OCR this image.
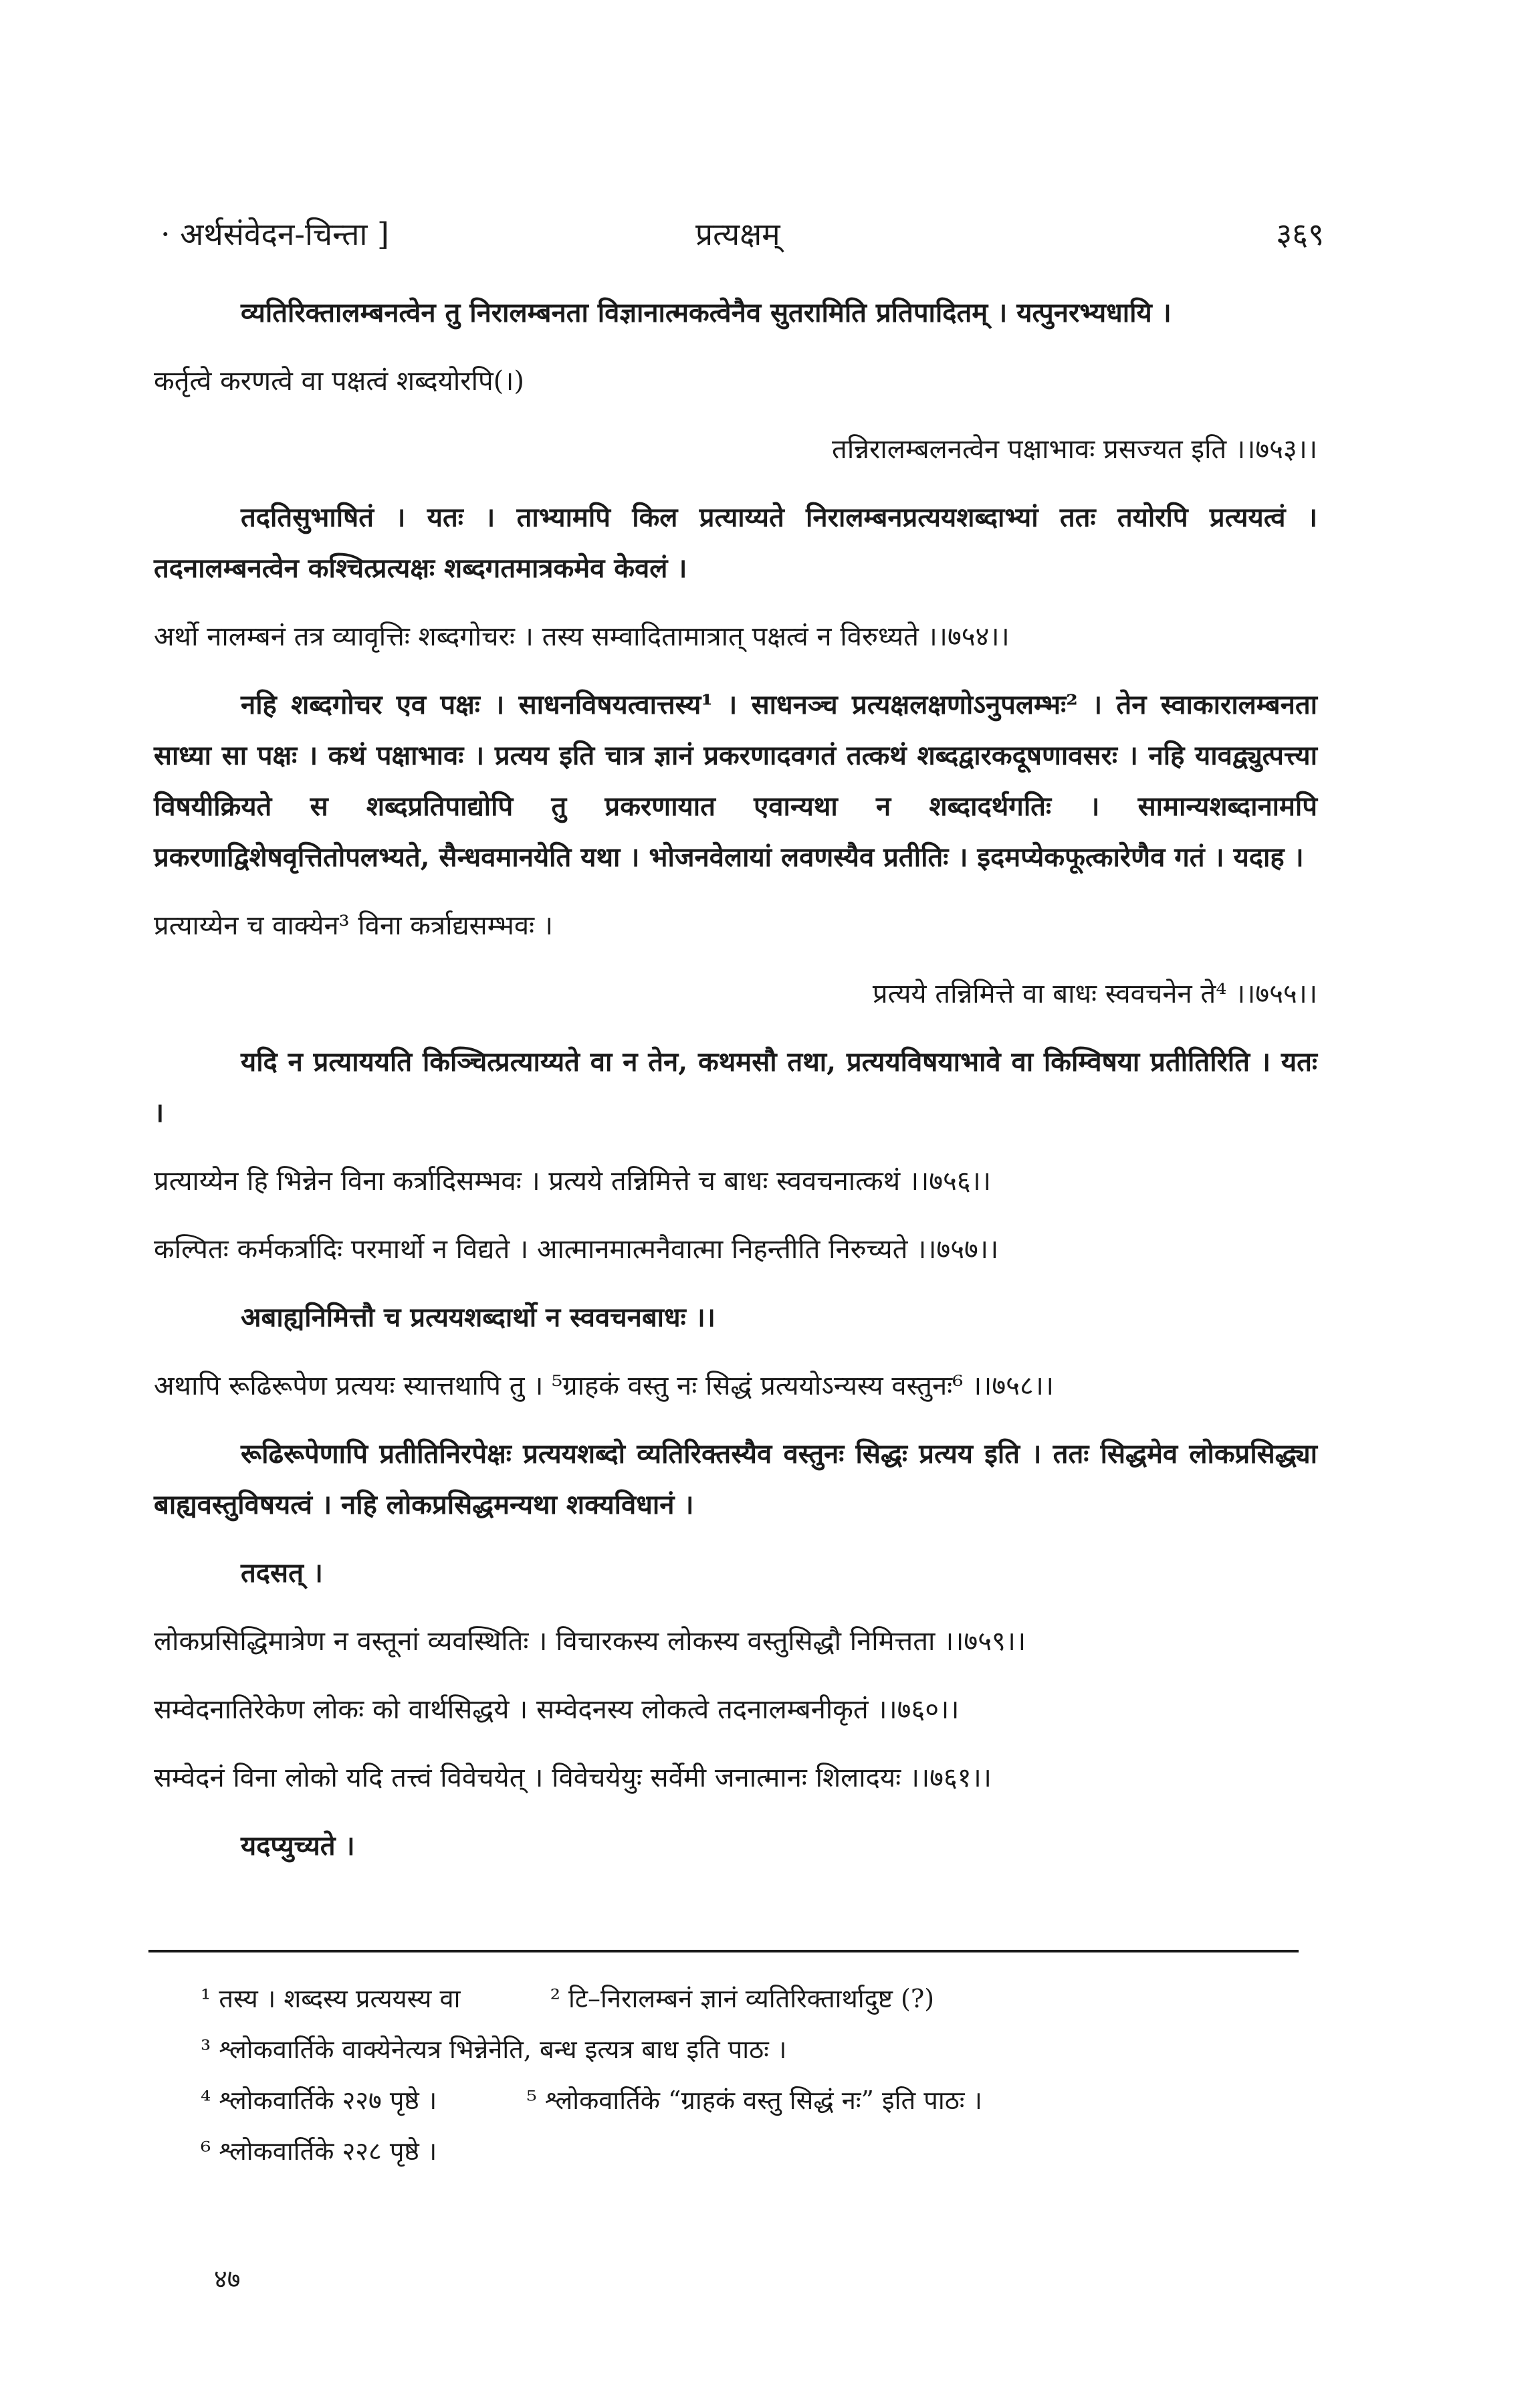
· अर्थसंवेदन-चिन्ता ]	प्रत्यक्षम्	३६९

व्यतिरिक्तालम्बनत्वेन तु निरालम्बनता विज्ञानात्मकत्वेनैव सुतरामिति प्रतिपादितम् । यत्पुनरभ्यधायि ।

कर्तृत्वे करणत्वे वा पक्षत्वं शब्दयोरपि(।)

तन्निरालम्बलनत्वेन पक्षाभावः प्रसज्यत इति ।।७५३।।

तदतिसुभाषितं । यतः । ताभ्यामपि किल प्रत्याय्यते निरालम्बनप्रत्ययशब्दाभ्यां ततः तयोरपि प्रत्ययत्वं । तदनालम्बनत्वेन कश्चित्प्रत्यक्षः शब्दगतमात्रकमेव केवलं ।

अर्थो नालम्बनं तत्र व्यावृत्तिः शब्दगोचरः । तस्य सम्वादितामात्रात् पक्षत्वं न विरुध्यते ।।७५४।।

नहि शब्दगोचर एव पक्षः । साधनविषयत्वात्तस्य¹ । साधनञ्च प्रत्यक्षलक्षणोऽनुपलम्भः² । तेन स्वाकारालम्बनता साध्या सा पक्षः । कथं पक्षाभावः । प्रत्यय इति चात्र ज्ञानं प्रकरणादवगतं तत्कथं शब्दद्वारकदूषणावसरः । नहि यावद्व्युत्पत्त्या विषयीक्रियते स शब्दप्रतिपाद्योपि तु प्रकरणायात एवान्यथा न शब्दादर्थगतिः । सामान्यशब्दानामपि प्रकरणाद्विशेषवृत्तितोपलभ्यते, सैन्धवमानयेति यथा । भोजनवेलायां लवणस्यैव प्रतीतिः । इदमप्येकफूत्कारेणैव गतं । यदाह ।

प्रत्याय्येन च वाक्येन³ विना कर्त्राद्यसम्भवः ।

प्रत्यये तन्निमित्ते वा बाधः स्ववचनेन ते⁴ ।।७५५।।

यदि न प्रत्याययति किञ्चित्प्रत्याय्यते वा न तेन, कथमसौ तथा, प्रत्ययविषयाभावे वा किम्विषया प्रतीतिरिति । यतः ।

प्रत्याय्येन हि भिन्नेन विना कर्त्रादिसम्भवः । प्रत्यये तन्निमित्ते च बाधः स्ववचनात्कथं ।।७५६।।

कल्पितः कर्मकर्त्रादिः परमार्थो न विद्यते । आत्मानमात्मनैवात्मा निहन्तीति निरुच्यते ।।७५७।।

अबाह्यनिमित्तौ च प्रत्ययशब्दार्थो न स्ववचनबाधः ।।

अथापि रूढिरूपेण प्रत्ययः स्यात्तथापि तु । ⁵ग्राहकं वस्तु नः सिद्धं प्रत्ययोऽन्यस्य वस्तुनः⁶ ।।७५८।।

रूढिरूपेणापि प्रतीतिनिरपेक्षः प्रत्ययशब्दो व्यतिरिक्तस्यैव वस्तुनः सिद्धः प्रत्यय इति । ततः सिद्धमेव लोकप्रसिद्ध्या बाह्यवस्तुविषयत्वं । नहि लोकप्रसिद्धमन्यथा शक्यविधानं ।

तदसत् ।

लोकप्रसिद्धिमात्रेण न वस्तूनां व्यवस्थितिः । विचारकस्य लोकस्य वस्तुसिद्धौ निमित्तता ।।७५९।।

सम्वेदनातिरेकेण लोकः को वार्थसिद्धये । सम्वेदनस्य लोकत्वे तदनालम्बनीकृतं ।।७६०।।

सम्वेदनं विना लोको यदि तत्त्वं विवेचयेत् । विवेचयेयुः सर्वेमी जनात्मानः शिलादयः ।।७६१।।

यदप्युच्यते ।

¹ तस्य । शब्दस्य प्रत्ययस्य वा	² टि–निरालम्बनं ज्ञानं व्यतिरिक्तार्थादुष्ट (?)
³ श्लोकवार्तिके वाक्येनेत्यत्र भिन्नेनेति, बन्ध इत्यत्र बाध इति पाठः ।
⁴ श्लोकवार्तिके २२७ पृष्ठे ।	⁵ श्लोकवार्तिके “ग्राहकं वस्तु सिद्धं नः” इति पाठः ।
⁶ श्लोकवार्तिके २२८ पृष्ठे ।
४७
